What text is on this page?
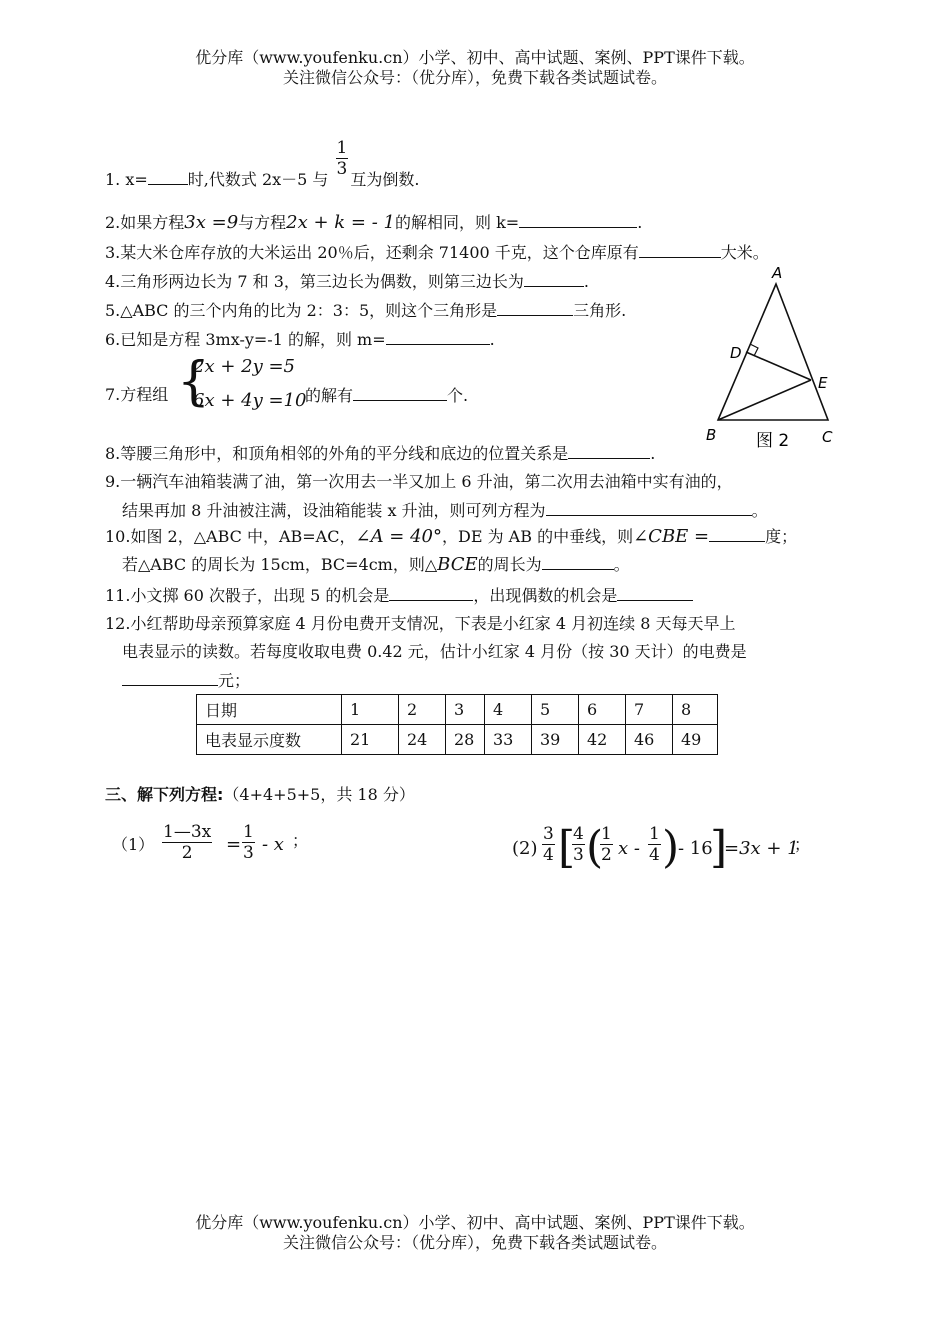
优分库（www.youfenku.cn）小学、初中、高中试题、案例、PPT课件下载。
关注微信公众号：（优分库），免费下载各类试题试卷。
1. x=	时,代数式 2x－5 与
$\frac{1}{3}$
互为倒数.
2.如果方程3x =9与方程2x + k = - 1的解相同，则 k=	.
3.某大米仓库存放的大米运出 20％后，还剩余 71400 千克，这个仓库原有	大米。
4.三角形两边长为 7 和 3，第三边长为偶数，则第三边长为	.
5.△ABC 的三个内角的比为 2：3：5，则这个三角形是	三角形.
6.已知是方程 3mx-y=-1 的解，则 m=	.
7.方程组 {
2x + 2y =5
6x + 4y =10
的解有	个.
A
D
E
B	C
图 2
8.等腰三角形中，和顶角相邻的外角的平分线和底边的位置关系是	.
9.一辆汽车油箱装满了油，第一次用去一半又加上 6 升油，第二次用去油箱中实有油的，
结果再加 8 升油被注满，设油箱能装 x 升油，则可列方程为	。
10.如图 2，△ABC 中，AB=AC，∠A = 40°，DE 为 AB 的中垂线，则∠CBE =	度；
若△ABC 的周长为 15cm，BC=4cm，则△BCE的周长为	。
11.小文掷 60 次骰子，出现 5 的机会是	，出现偶数的机会是
12.小红帮助母亲预算家庭 4 月份电费开支情况，下表是小红家 4 月初连续 8 天每天早上
电表显示的读数。若每度收取电费 0.42 元，估计小红家 4 月份（按 30 天计）的电费是
元；
日期	1	2	3	4	5	6	7	8
电表显示度数	21	24	28	33	39	42	46	49
三、解下列方程:（4+4+5+5，共 18 分）
$(1) \frac{1—3x}{2} = \frac{1}{3} - x$ ；	$(2) \frac{3}{4}$ [
$\frac{4}{3}$ (
$\frac{1}{2}$ x - $\frac{1}{4}$ )
- 16
]
=3x + 1
；
优分库（www.youfenku.cn）小学、初中、高中试题、案例、PPT课件下载。
关注微信公众号：（优分库），免费下载各类试题试卷。
